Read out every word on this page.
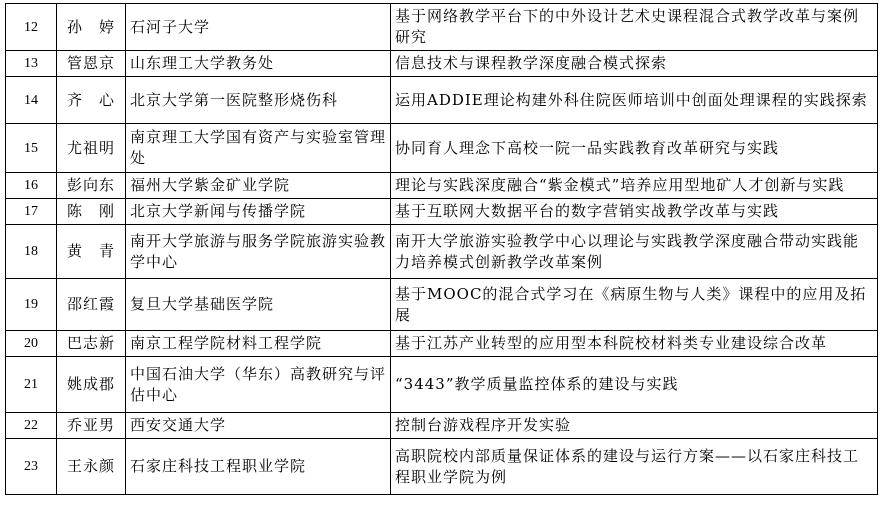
12	孙　婷	石河子大学	基于网络教学平台下的中外设计艺术史课程混合式教学改革与案例研究
13	管恩京	山东理工大学教务处	信息技术与课程教学深度融合模式探索
14	齐　心	北京大学第一医院整形烧伤科	运用ADDIE理论构建外科住院医师培训中创面处理课程的实践探索
15	尤祖明	南京理工大学国有资产与实验室管理处	协同育人理念下高校一院一品实践教育改革研究与实践
16	彭向东	福州大学紫金矿业学院	理论与实践深度融合“紫金模式”培养应用型地矿人才创新与实践
17	陈　刚	北京大学新闻与传播学院	基于互联网大数据平台的数字营销实战教学改革与实践
18	黄　青	南开大学旅游与服务学院旅游实验教学中心	南开大学旅游实验教学中心以理论与实践教学深度融合带动实践能力培养模式创新教学改革案例
19	邵红霞	复旦大学基础医学院	基于MOOC的混合式学习在《病原生物与人类》课程中的应用及拓展
20	巴志新	南京工程学院材料工程学院	基于江苏产业转型的应用型本科院校材料类专业建设综合改革
21	姚成郡	中国石油大学（华东）高教研究与评估中心	“3443”教学质量监控体系的建设与实践
22	乔亚男	西安交通大学	控制台游戏程序开发实验
23	王永颜	石家庄科技工程职业学院	高职院校内部质量保证体系的建设与运行方案——以石家庄科技工程职业学院为例
